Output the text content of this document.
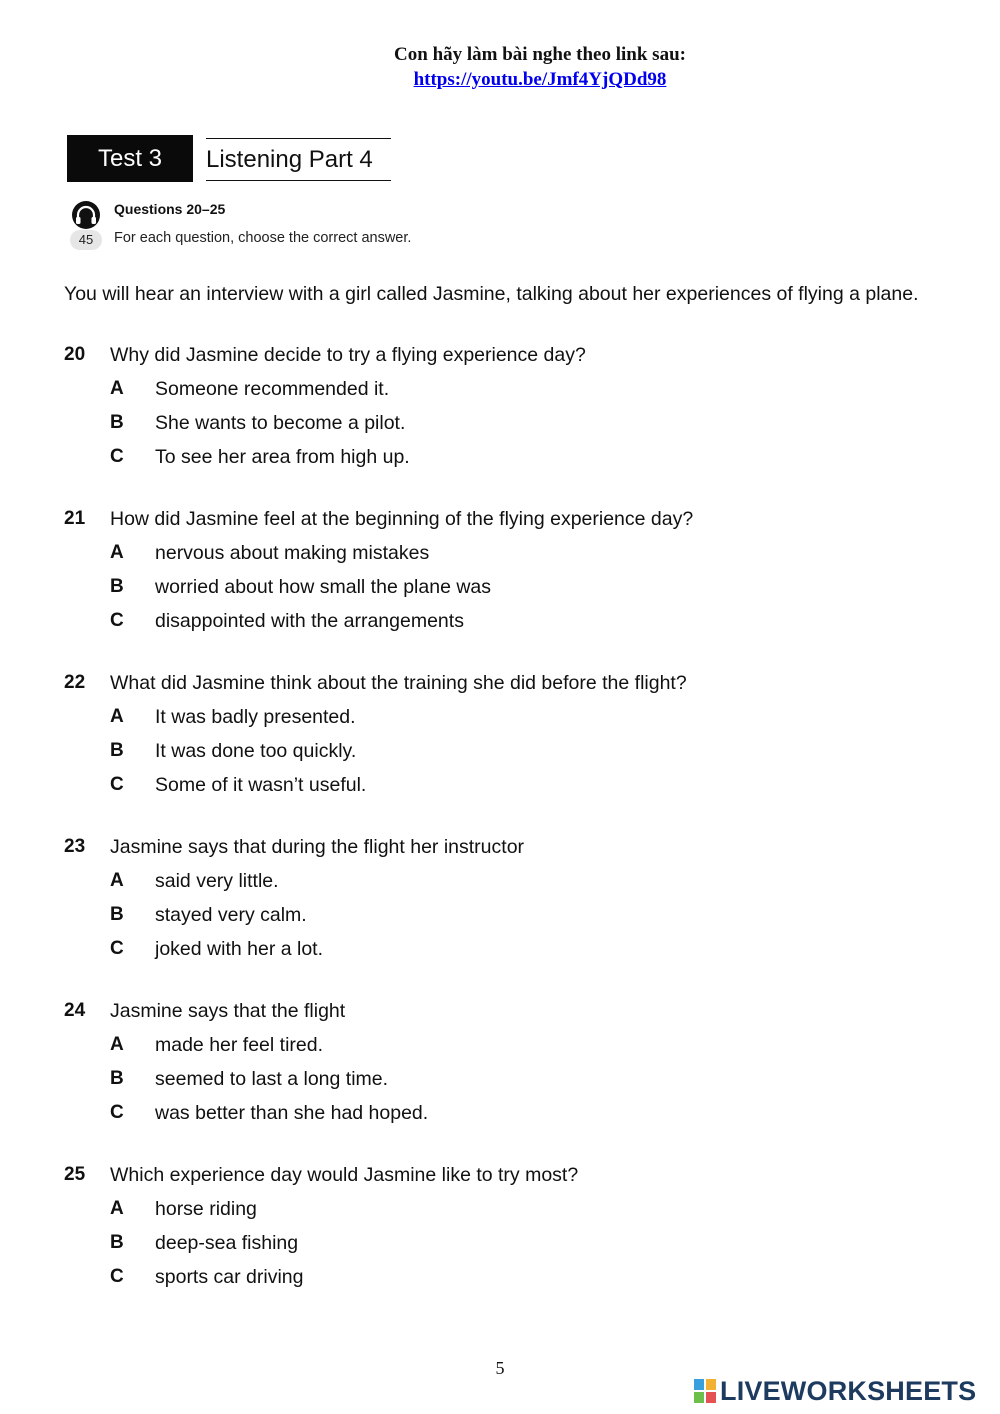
Con hãy làm bài nghe theo link sau:
https://youtu.be/Jmf4YjQDd98
Test 3	Listening Part 4
45
Questions 20–25
For each question, choose the correct answer.
You will hear an interview with a girl called Jasmine, talking about her experiences of flying a plane.
20 Why did Jasmine decide to try a flying experience day?
A Someone recommended it.
B She wants to become a pilot.
C To see her area from high up.
21 How did Jasmine feel at the beginning of the flying experience day?
A nervous about making mistakes
B worried about how small the plane was
C disappointed with the arrangements
22 What did Jasmine think about the training she did before the flight?
A It was badly presented.
B It was done too quickly.
C Some of it wasn’t useful.
23 Jasmine says that during the flight her instructor
A said very little.
B stayed very calm.
C joked with her a lot.
24 Jasmine says that the flight
A made her feel tired.
B seemed to last a long time.
C was better than she had hoped.
25 Which experience day would Jasmine like to try most?
A horse riding
B deep-sea fishing
C sports car driving
5
LIVEWORKSHEETS
